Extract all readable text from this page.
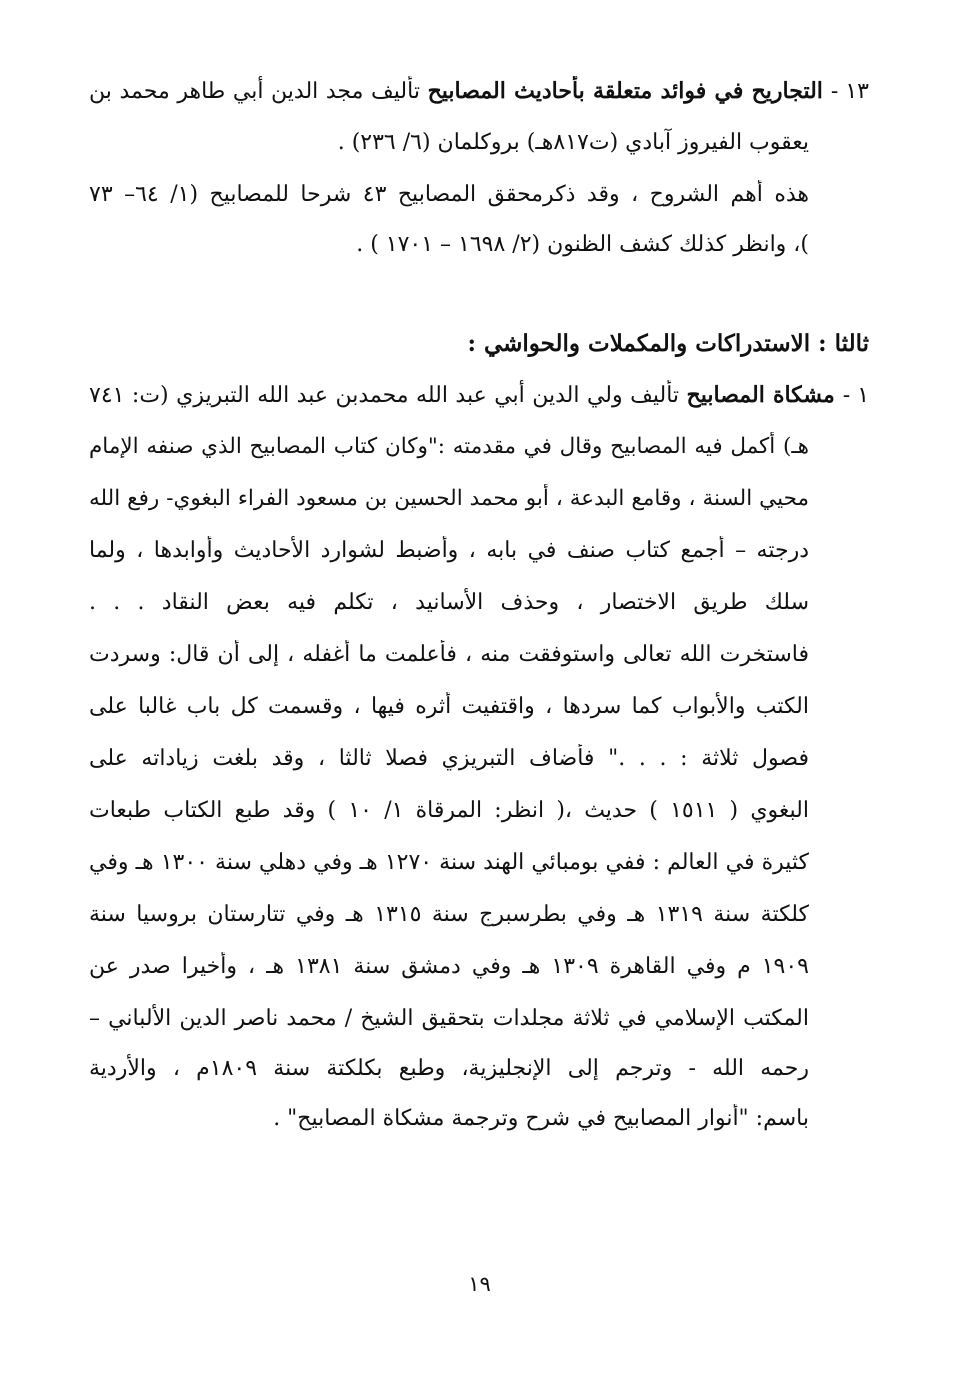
١٣ -التجاريح في فوائد متعلقة بأحاديث المصابيح تأليف مجد الدين أبي طاهر محمد بن
يعقوب الفيروز آبادي (ت٨١٧هـ) بروكلمان (٦/ ٢٣٦) .
هذه أهم الشروح ، وقد ذكرمحقق المصابيح ٤٣ شرحا للمصابيح (١/ ٦٤– ٧٣
)، وانظر كذلك كشف الظنون (٢/ ١٦٩٨ – ١٧٠١ ) .
ثالثا : الاستدراكات والمكملات والحواشي :
١ -مشكاة المصابيح تأليف ولي الدين أبي عبد الله محمدبن عبد الله التبريزي (ت: ٧٤١
هـ) أكمل فيه المصابيح وقال في مقدمته :"وكان كتاب المصابيح الذي صنفه الإمام
محيي السنة ، وقامع البدعة ، أبو محمد الحسين بن مسعود الفراء البغوي- رفع الله
درجته – أجمع كتاب صنف في بابه ، وأضبط لشوارد الأحاديث وأوابدها ، ولما
سلك طريق الاختصار ، وحذف الأسانيد ، تكلم فيه بعض النقاد . . .
فاستخرت الله تعالى واستوفقت منه ، فأعلمت ما أغفله ، إلى أن قال: وسردت
الكتب والأبواب كما سردها ، واقتفيت أثره فيها ، وقسمت كل باب غالبا على
فصول ثلاثة : . . ." فأضاف التبريزي فصلا ثالثا ، وقد بلغت زياداته على
البغوي ( ١٥١١ ) حديث ،( انظر: المرقاة ١/ ١٠ ) وقد طبع الكتاب طبعات
كثيرة في العالم : ففي بومبائي الهند سنة ١٢٧٠ هـ وفي دهلي سنة ١٣٠٠ هـ وفي
كلكتة سنة ١٣١٩ هـ وفي بطرسبرج سنة ١٣١٥ هـ وفي تتارستان بروسيا سنة
١٩٠٩ م وفي القاهرة ١٣٠٩ هـ وفي دمشق سنة ١٣٨١ هـ ، وأخيرا صدر عن
المكتب الإسلامي في ثلاثة مجلدات بتحقيق الشيخ / محمد ناصر الدين الألباني –
رحمه الله - وترجم إلى الإنجليزية، وطبع بكلكتة سنة ١٨٠٩م ، والأردية
باسم: "أنوار المصابيح في شرح وترجمة مشكاة المصابيح" .
١٩
